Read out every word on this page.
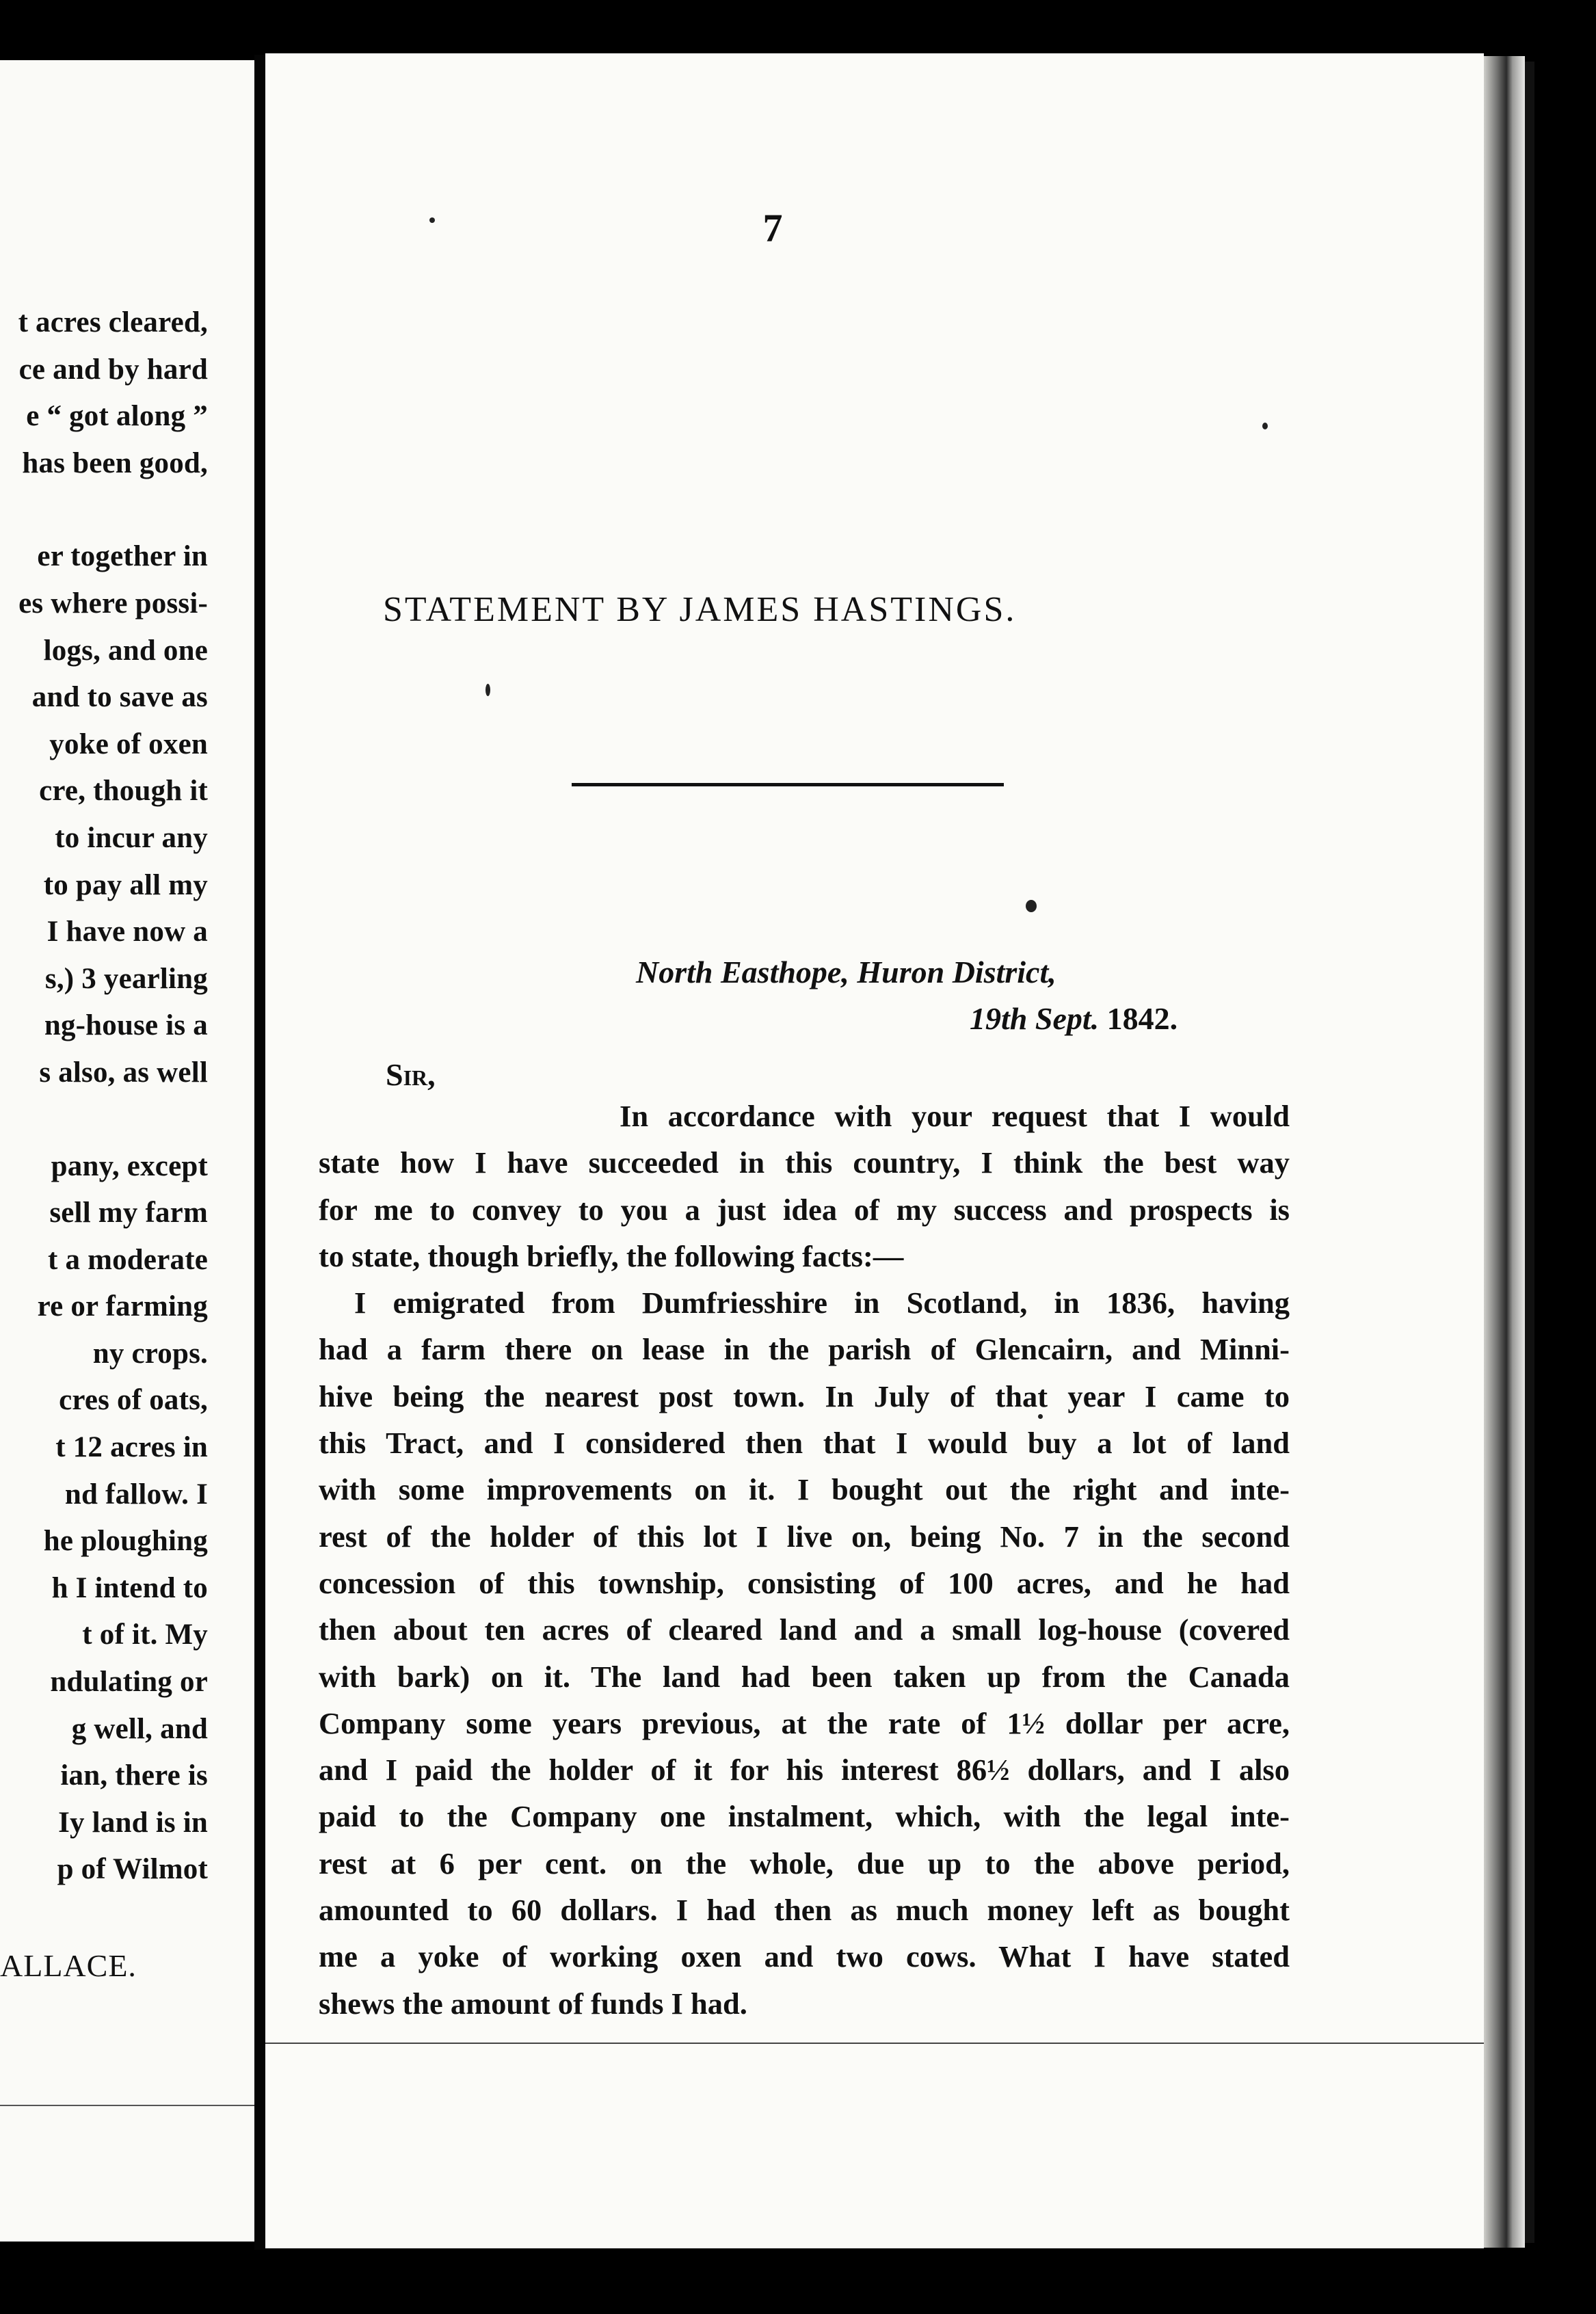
t acres cleared,
ce and by hard
e “ got along ”
has been good,
er together in
es where possi-
logs, and one
and to save as
yoke of oxen
cre, though it
to incur any
to pay all my
I have now a
s,) 3 yearling
ng-house is a
s also, as well
pany, except
sell my farm
t a moderate
re or farming
ny crops.
cres of oats,
t 12 acres in
nd fallow. I
he ploughing
h I intend to
t of it. My
ndulating or
g well, and
ian, there is
Iy land is in
p of Wilmot
ALLACE.
7
STATEMENT BY JAMES HASTINGS.
North Easthope, Huron District,
19th Sept. 1842.
Sir,
In accordance with your request that I would
state how I have succeeded in this country, I think the best way
for me to convey to you a just idea of my success and prospects is
to state, though briefly, the following facts:—
I emigrated from Dumfriesshire in Scotland, in 1836, having
had a farm there on lease in the parish of Glencairn, and Minni-
hive being the nearest post town. In July of that year I came to
this Tract, and I considered then that I would buy a lot of land
with some improvements on it. I bought out the right and inte-
rest of the holder of this lot I live on, being No. 7 in the second
concession of this township, consisting of 100 acres, and he had
then about ten acres of cleared land and a small log-house (covered
with bark) on it. The land had been taken up from the Canada
Company some years previous, at the rate of 1½ dollar per acre,
and I paid the holder of it for his interest 86½ dollars, and I also
paid to the Company one instalment, which, with the legal inte-
rest at 6 per cent. on the whole, due up to the above period,
amounted to 60 dollars. I had then as much money left as bought
me a yoke of working oxen and two cows. What I have stated
shews the amount of funds I had.
